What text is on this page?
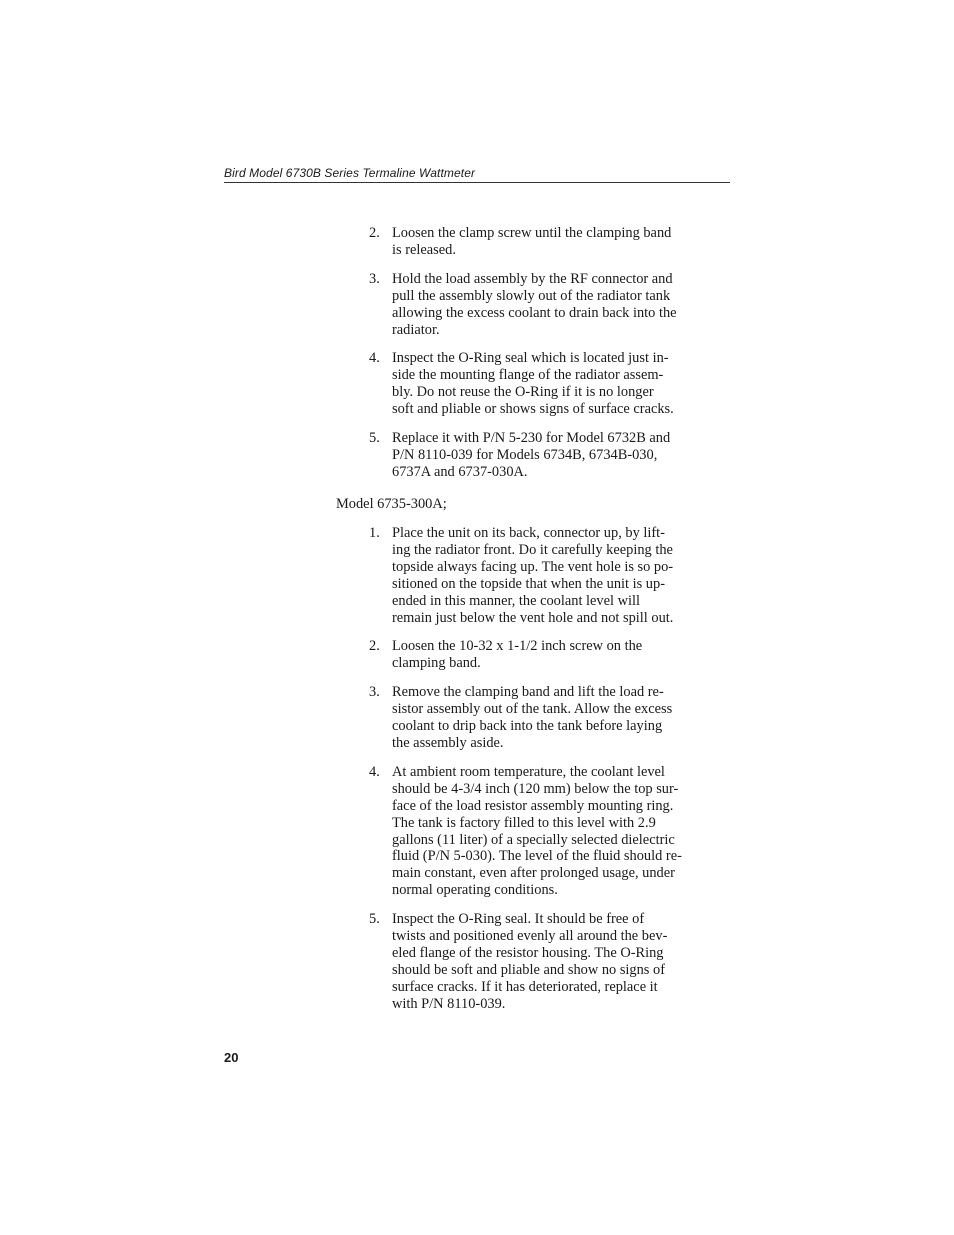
Bird Model 6730B Series Termaline Wattmeter
2. Loosen the clamp screw until the clamping band
is released.
3. Hold the load assembly by the RF connector and
pull the assembly slowly out of the radiator tank
allowing the excess coolant to drain back into the
radiator.
4. Inspect the O-Ring seal which is located just in-
side the mounting flange of the radiator assem-
bly. Do not reuse the O-Ring if it is no longer
soft and pliable or shows signs of surface cracks.
5. Replace it with P/N 5-230 for Model 6732B and
P/N 8110-039 for Models 6734B, 6734B-030,
6737A and 6737-030A.
Model 6735-300A;
1. Place the unit on its back, connector up, by lift-
ing the radiator front. Do it carefully keeping the
topside always facing up. The vent hole is so po-
sitioned on the topside that when the unit is up-
ended in this manner, the coolant level will
remain just below the vent hole and not spill out.
2. Loosen the 10-32 x 1-1/2 inch screw on the
clamping band.
3. Remove the clamping band and lift the load re-
sistor assembly out of the tank. Allow the excess
coolant to drip back into the tank before laying
the assembly aside.
4. At ambient room temperature, the coolant level
should be 4-3/4 inch (120 mm) below the top sur-
face of the load resistor assembly mounting ring.
The tank is factory filled to this level with 2.9
gallons (11 liter) of a specially selected dielectric
fluid (P/N 5-030). The level of the fluid should re-
main constant, even after prolonged usage, under
normal operating conditions.
5. Inspect the O-Ring seal. It should be free of
twists and positioned evenly all around the bev-
eled flange of the resistor housing. The O-Ring
should be soft and pliable and show no signs of
surface cracks. If it has deteriorated, replace it
with P/N 8110-039.
20
